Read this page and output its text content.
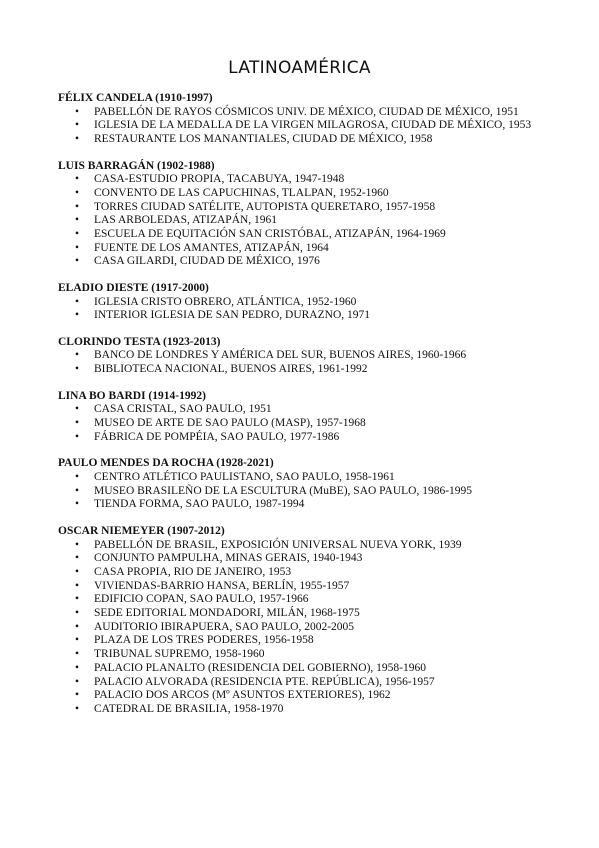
LATINOAMÉRICA

FÉLIX CANDELA (1910-1997)

• PABELLÓN DE RAYOS CÓSMICOS UNIV. DE MÉXICO, CIUDAD DE MÉXICO, 1951
• IGLESIA DE LA MEDALLA DE LA VIRGEN MILAGROSA, CIUDAD DE MÉXICO, 1953
• RESTAURANTE LOS MANANTIALES, CIUDAD DE MÉXICO, 1958

LUIS BARRAGÁN (1902-1988)

• CASA-ESTUDIO PROPIA, TACABUYA, 1947-1948
• CONVENTO DE LAS CAPUCHINAS, TLALPAN, 1952-1960
• TORRES CIUDAD SATÉLITE, AUTOPISTA QUERETARO, 1957-1958
• LAS ARBOLEDAS, ATIZAPÁN, 1961
• ESCUELA DE EQUITACIÓN SAN CRISTÓBAL, ATIZAPÁN, 1964-1969
• FUENTE DE LOS AMANTES, ATIZAPÁN, 1964
• CASA GILARDI, CIUDAD DE MÉXICO, 1976

ELADIO DIESTE (1917-2000)

• IGLESIA CRISTO OBRERO, ATLÁNTICA, 1952-1960
• INTERIOR IGLESIA DE SAN PEDRO, DURAZNO, 1971

CLORINDO TESTA (1923-2013)

• BANCO DE LONDRES Y AMÉRICA DEL SUR, BUENOS AIRES, 1960-1966
• BIBLIOTECA NACIONAL, BUENOS AIRES, 1961-1992

LINA BO BARDI (1914-1992)

• CASA CRISTAL, SAO PAULO, 1951
• MUSEO DE ARTE DE SAO PAULO (MASP), 1957-1968
• FÁBRICA DE POMPÉIA, SAO PAULO, 1977-1986

PAULO MENDES DA ROCHA (1928-2021)

• CENTRO ATLÉTICO PAULISTANO, SAO PAULO, 1958-1961
• MUSEO BRASILEÑO DE LA ESCULTURA (MuBE), SAO PAULO, 1986-1995
• TIENDA FORMA, SAO PAULO, 1987-1994

OSCAR NIEMEYER (1907-2012)

• PABELLÓN DE BRASIL, EXPOSICIÓN UNIVERSAL NUEVA YORK, 1939
• CONJUNTO PAMPULHA, MINAS GERAIS, 1940-1943
• CASA PROPIA, RIO DE JANEIRO, 1953
• VIVIENDAS-BARRIO HANSA, BERLÍN, 1955-1957
• EDIFICIO COPAN, SAO PAULO, 1957-1966
• SEDE EDITORIAL MONDADORI, MILÁN, 1968-1975
• AUDITORIO IBIRAPUERA, SAO PAULO, 2002-2005
• PLAZA DE LOS TRES PODERES, 1956-1958
• TRIBUNAL SUPREMO, 1958-1960
• PALACIO PLANALTO (RESIDENCIA DEL GOBIERNO), 1958-1960
• PALACIO ALVORADA (RESIDENCIA PTE. REPÚBLICA), 1956-1957
• PALACIO DOS ARCOS (Mº ASUNTOS EXTERIORES), 1962
• CATEDRAL DE BRASILIA, 1958-1970
